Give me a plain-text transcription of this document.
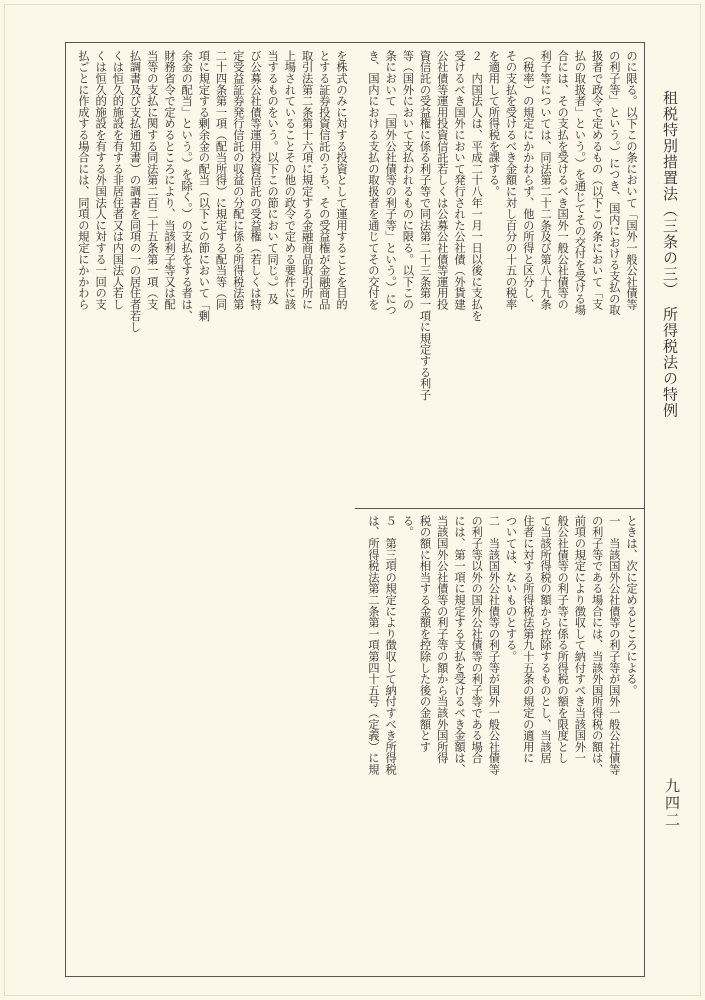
租税特別措置法（三条の三）　所得税法の特例
九四二
のに限る。以下この条において「国外一般公社債等
の利子等」という。）につき、国内における支払の取
扱者で政令で定めるもの（以下この条において「支
払の取扱者」という。）を通じてその交付を受ける場
合には、その支払を受けるべき国外一般公社債等の
利子等については、同法第二十二条及び第八十九条
（税率）の規定にかかわらず、他の所得と区分し、
その支払を受けるべき金額に対し百分の十五の税率
を適用して所得税を課する。
２　内国法人は、平成二十八年一月一日以後に支払を
受けるべき国外において発行された公社債（外貨建
公社債等運用投資信託若しくは公募公社債等運用投
資信託の受益権に係る利子等で同法第二十三条第一項に規定する利子
等（国外において支払われるものに限る。以下この
条において「国外公社債等の利子等」という。）につ
き、国内における支払の取扱者を通じてその交付を
ときは、次に定めるところによる。
一　当該国外公社債等の利子等が国外一般公社債等
の利子等である場合には、当該外国所得税の額は、
前項の規定により徴収して納付すべき当該国外一
般公社債等の利子等に係る所得税の額を限度とし
て当該所得税の額から控除するものとし、当該居
住者に対する所得税法第九十五条の規定の適用に
ついては、ないものとする。
二　当該国外公社債等の利子等が国外一般公社債等
の利子等以外の国外公社債等の利子等である場合
には、第一項に規定する支払を受けるべき金額は、
当該国外公社債等の利子等の額から当該外国所得
税の額に相当する金額を控除した後の金額とす
る。
５　第三項の規定により徴収して納付すべき所得税
は、所得税法第二条第一項第四十五号（定義）に規
を株式のみに対する投資として運用することを目的
とする証券投資信託のうち、その受益権が金融商品
取引法第二条第十六項に規定する金融商品取引所に
上場されていることその他の政令で定める要件に該
当するものをいう。以下この節において同じ。）及
び公募公社債等運用投資信託の受益権（若しくは特
定受益証券発行信託の収益の分配に係る所得税法第
二十四条第一項（配当所得）に規定する配当等（同
項に規定する剰余金の配当（以下この節において「剰
余金の配当」という。）を除く。）の支払をする者は、
財務省令で定めるところにより、当該利子等又は配
当等の支払に関する同法第二百二十五条第一項（支
払調書及び支払通知書）の調書を同項の一の居住者若し
くは恒久的施設を有する非居住者又は内国法人若し
くは恒久的施設を有する外国法人に対する一回の支
払ごとに作成する場合には、同項の規定にかかわら
